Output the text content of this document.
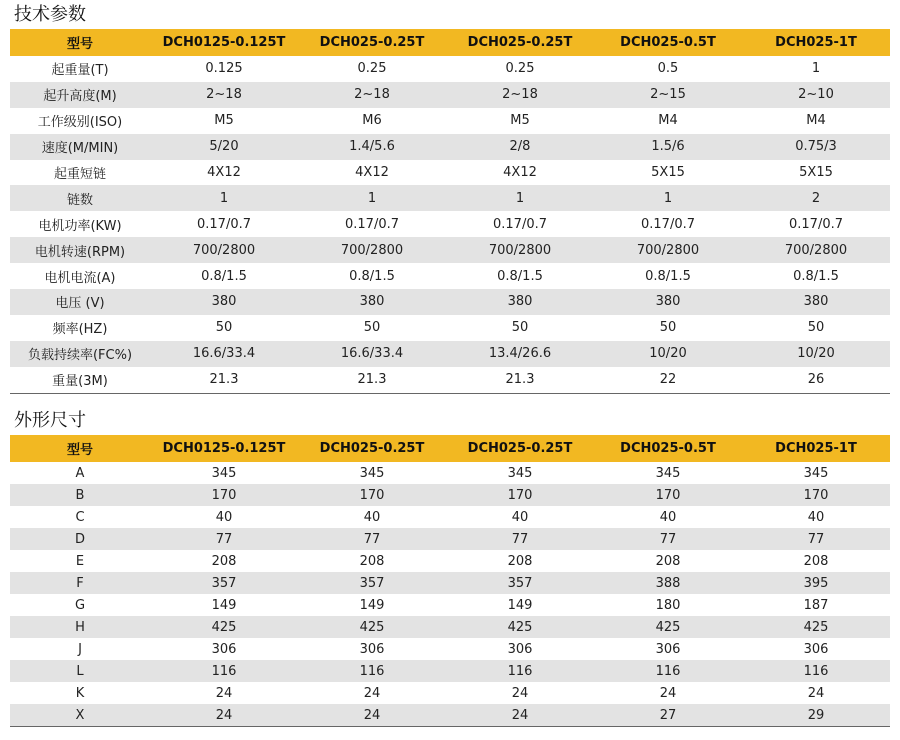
技术参数
型号	DCH0125-0.125T	DCH025-0.25T	DCH025-0.25T	DCH025-0.5T	DCH025-1T
起重量(T)	0.125	0.25	0.25	0.5	1
起升高度(M)	2~18	2~18	2~18	2~15	2~10
工作级别(ISO)	M5	M6	M5	M4	M4
速度(M/MIN)	5/20	1.4/5.6	2/8	1.5/6	0.75/3
起重短链	4X12	4X12	4X12	5X15	5X15
链数	1	1	1	1	2
电机功率(KW)	0.17/0.7	0.17/0.7	0.17/0.7	0.17/0.7	0.17/0.7
电机转速(RPM)	700/2800	700/2800	700/2800	700/2800	700/2800
电机电流(A)	0.8/1.5	0.8/1.5	0.8/1.5	0.8/1.5	0.8/1.5
电压 (V)	380	380	380	380	380
频率(HZ)	50	50	50	50	50
负载持续率(FC%)	16.6/33.4	16.6/33.4	13.4/26.6	10/20	10/20
重量(3M)	21.3	21.3	21.3	22	26
外形尺寸
型号	DCH0125-0.125T	DCH025-0.25T	DCH025-0.25T	DCH025-0.5T	DCH025-1T
A	345	345	345	345	345
B	170	170	170	170	170
C	40	40	40	40	40
D	77	77	77	77	77
E	208	208	208	208	208
F	357	357	357	388	395
G	149	149	149	180	187
H	425	425	425	425	425
J	306	306	306	306	306
L	116	116	116	116	116
K	24	24	24	24	24
X	24	24	24	27	29
